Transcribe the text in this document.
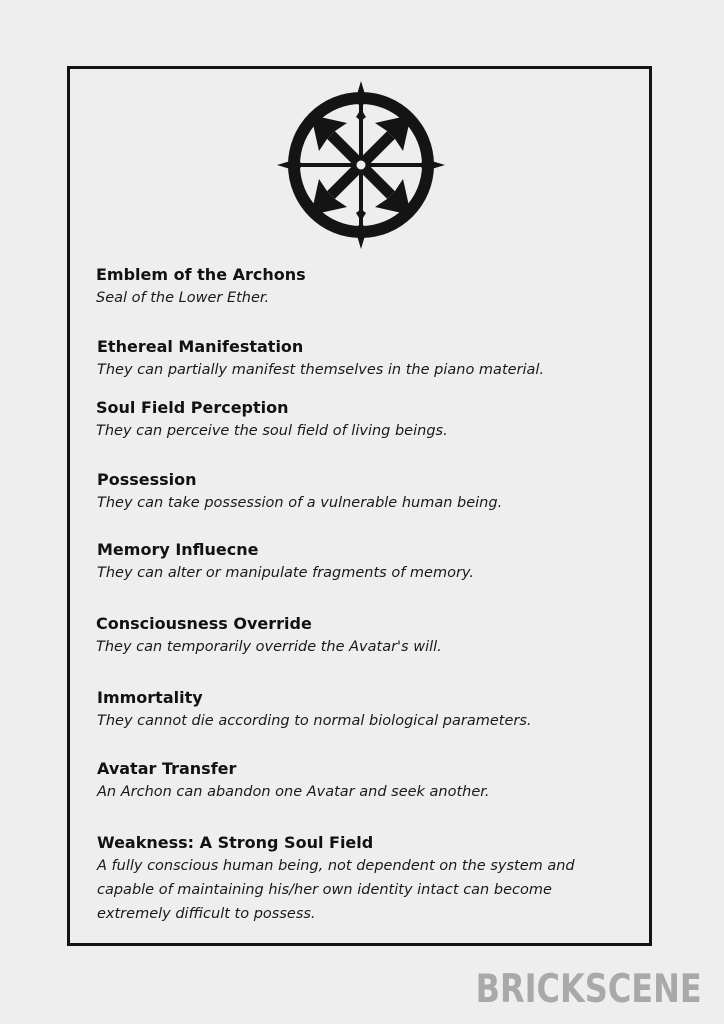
Emblem of the Archons
Seal of the Lower Ether.
Ethereal Manifestation
They can partially manifest themselves in the piano material.
Soul Field Perception
They can perceive the soul field of living beings.
Possession
They can take possession of a vulnerable human being.
Memory Influecne
They can alter or manipulate fragments of memory.
Consciousness Override
They can temporarily override the Avatar's will.
Immortality
They cannot die according to normal biological parameters.
Avatar Transfer
An Archon can abandon one Avatar and seek another.
Weakness: A Strong Soul Field
A fully conscious human being, not dependent on the system and capable of maintaining his/her own identity intact can become extremely difficult to possess.
BRICKSCENE
